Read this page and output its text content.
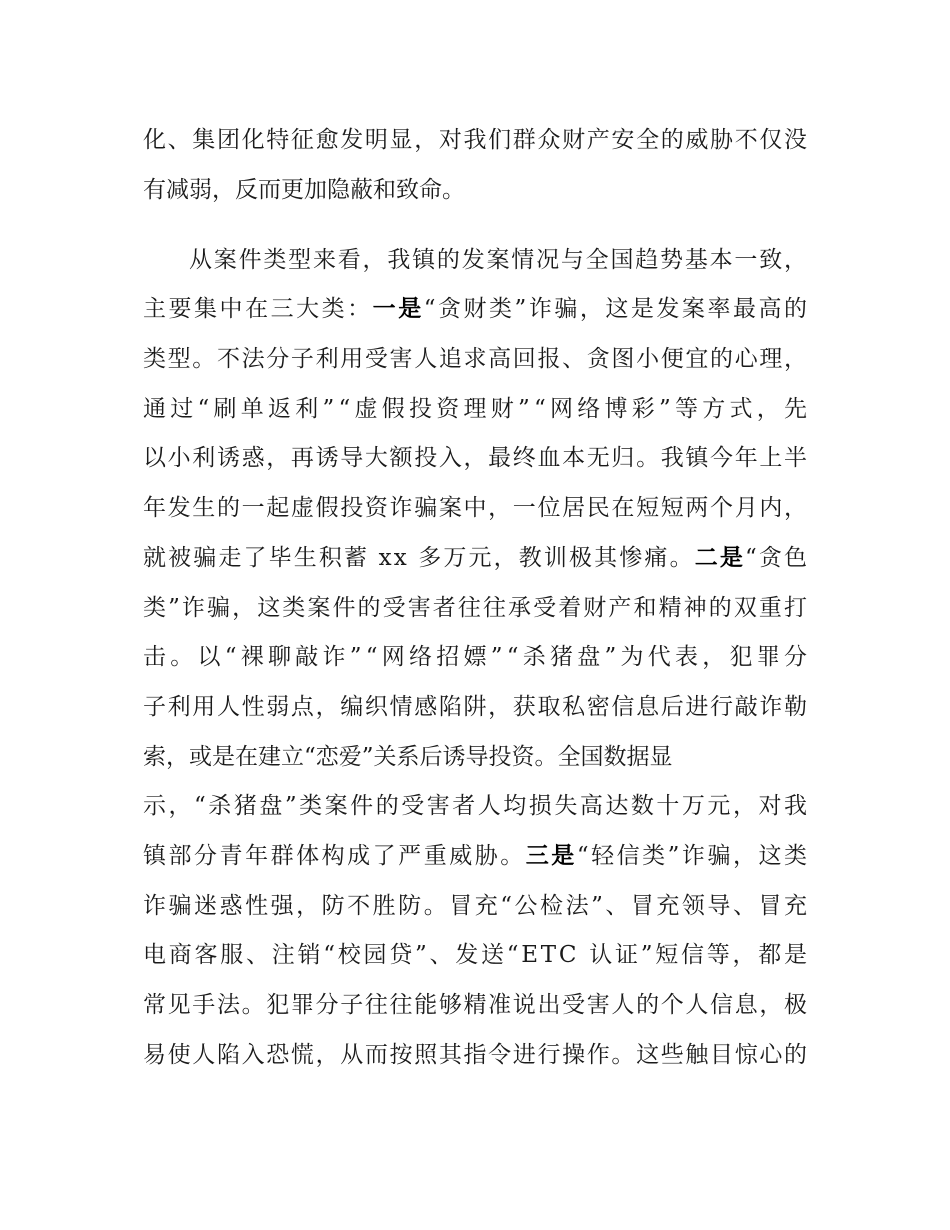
化、集团化特征愈发明显，对我们群众财产安全的威胁不仅没

有减弱，反而更加隐蔽和致命。

从案件类型来看，我镇的发案情况与全国趋势基本一致，

主要集中在三大类：一是“贪财类”诈骗，这是发案率最高的

类型。不法分子利用受害人追求高回报、贪图小便宜的心理，

通过“刷单返利”“虚假投资理财”“网络博彩”等方式，先

以小利诱惑，再诱导大额投入，最终血本无归。我镇今年上半

年发生的一起虚假投资诈骗案中，一位居民在短短两个月内，

就被骗走了毕生积蓄 xx 多万元，教训极其惨痛。二是“贪色

类”诈骗，这类案件的受害者往往承受着财产和精神的双重打

击。以“裸聊敲诈”“网络招嫖”“杀猪盘”为代表，犯罪分

子利用人性弱点，编织情感陷阱，获取私密信息后进行敲诈勒

索，或是在建立“恋爱”关系后诱导投资。全国数据显

示，“杀猪盘”类案件的受害者人均损失高达数十万元，对我

镇部分青年群体构成了严重威胁。三是“轻信类”诈骗，这类

诈骗迷惑性强，防不胜防。冒充“公检法”、冒充领导、冒充

电商客服、注销“校园贷”、发送“ETC 认证”短信等，都是

常见手法。犯罪分子往往能够精准说出受害人的个人信息，极

易使人陷入恐慌，从而按照其指令进行操作。这些触目惊心的
